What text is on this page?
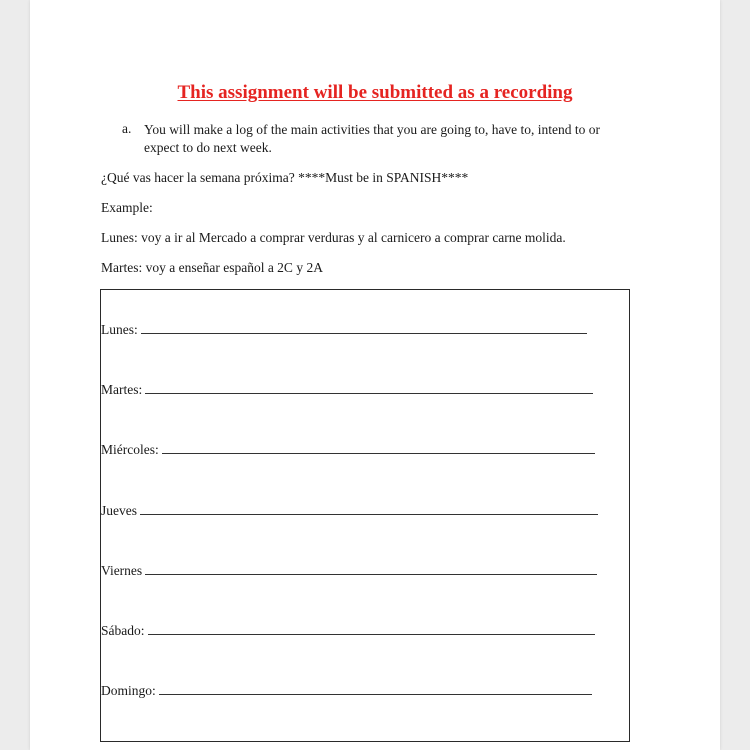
This assignment will be submitted as a recording
a. You will make a log of the main activities that you are going to, have to, intend to or expect to do next week.
¿Qué vas hacer la semana próxima? ****Must be in SPANISH****
Example:
Lunes: voy a ir al Mercado a comprar verduras y al carnicero a comprar carne molida.
Martes: voy a enseñar español a 2C y 2A
Lunes:
Martes:
Miércoles:
Jueves
Viernes
Sábado:
Domingo:
